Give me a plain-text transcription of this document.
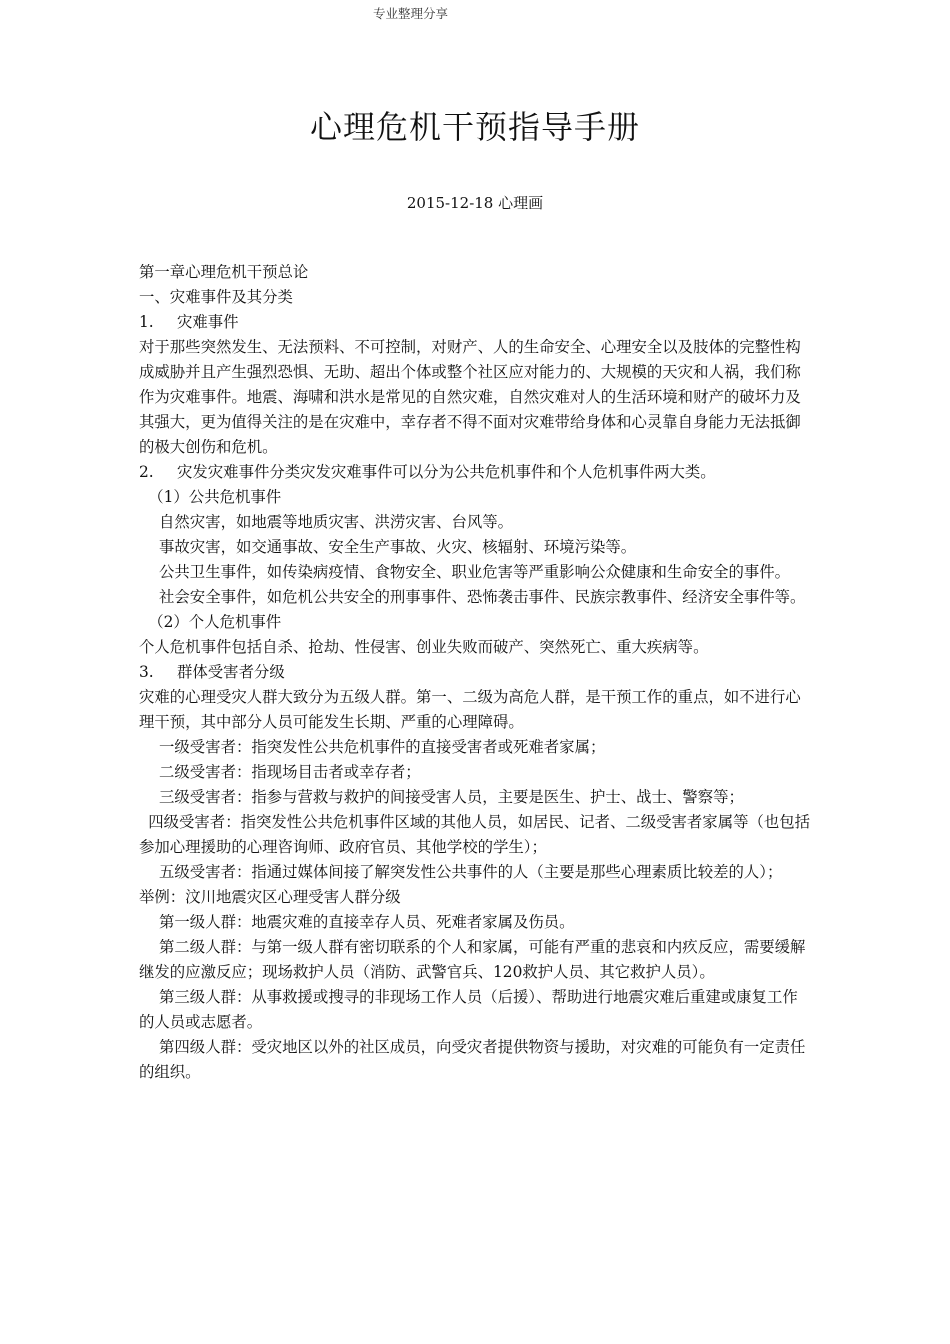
专业整理分享
心理危机干预指导手册
2015-12-18 心理画

第一章心理危机干预总论

一、灾难事件及其分类

1. 灾难事件

对于那些突然发生、无法预料、不可控制，对财产、人的生命安全、心理安全以及肢体的完整性构成威胁并且产生强烈恐惧、无助、超出个体或整个社区应对能力的、大规模的天灾和人祸，我们称作为灾难事件。地震、海啸和洪水是常见的自然灾难，自然灾难对人的生活环境和财产的破坏力及其强大，更为值得关注的是在灾难中，幸存者不得不面对灾难带给身体和心灵靠自身能力无法抵御的极大创伤和危机。

2. 灾发灾难事件分类灾发灾难事件可以分为公共危机事件和个人危机事件两大类。

（1）公共危机事件

自然灾害，如地震等地质灾害、洪涝灾害、台风等。

事故灾害，如交通事故、安全生产事故、火灾、核辐射、环境污染等。

公共卫生事件，如传染病疫情、食物安全、职业危害等严重影响公众健康和生命安全的事件。

社会安全事件，如危机公共安全的刑事事件、恐怖袭击事件、民族宗教事件、经济安全事件等。

（2）个人危机事件

个人危机事件包括自杀、抢劫、性侵害、创业失败而破产、突然死亡、重大疾病等。

3. 群体受害者分级

灾难的心理受灾人群大致分为五级人群。第一、二级为高危人群，是干预工作的重点，如不进行心理干预，其中部分人员可能发生长期、严重的心理障碍。

一级受害者：指突发性公共危机事件的直接受害者或死难者家属；

二级受害者：指现场目击者或幸存者；

三级受害者：指参与营救与救护的间接受害人员，主要是医生、护士、战士、警察等；

四级受害者：指突发性公共危机事件区域的其他人员，如居民、记者、二级受害者家属等（也包括参加心理援助的心理咨询师、政府官员、其他学校的学生）；

五级受害者：指通过媒体间接了解突发性公共事件的人（主要是那些心理素质比较差的人）；

举例：汶川地震灾区心理受害人群分级

第一级人群：地震灾难的直接幸存人员、死难者家属及伤员。

第二级人群：与第一级人群有密切联系的个人和家属，可能有严重的悲哀和内疚反应，需要缓解继发的应激反应；现场救护人员（消防、武警官兵、120救护人员、其它救护人员）。

第三级人群：从事救援或搜寻的非现场工作人员（后援）、帮助进行地震灾难后重建或康复工作的人员或志愿者。

第四级人群：受灾地区以外的社区成员，向受灾者提供物资与援助，对灾难的可能负有一定责任的组织。
